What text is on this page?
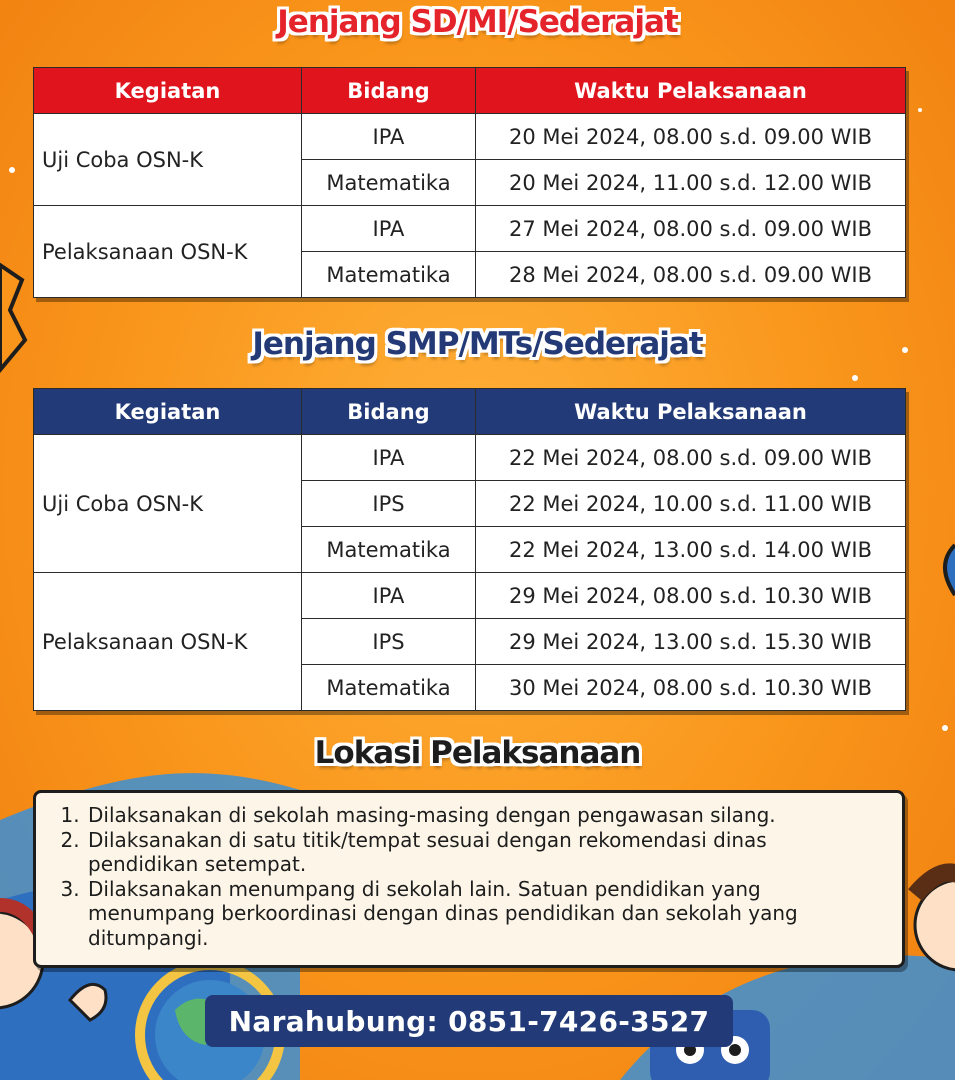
Jenjang SD/MI/Sederajat
Kegiatan	Bidang	Waktu Pelaksanaan
Uji Coba OSN-K	IPA	20 Mei 2024, 08.00 s.d. 09.00 WIB
	Matematika	20 Mei 2024, 11.00 s.d. 12.00 WIB
Pelaksanaan OSN-K	IPA	27 Mei 2024, 08.00 s.d. 09.00 WIB
	Matematika	28 Mei 2024, 08.00 s.d. 09.00 WIB
Jenjang SMP/MTs/Sederajat
Kegiatan	Bidang	Waktu Pelaksanaan
Uji Coba OSN-K	IPA	22 Mei 2024, 08.00 s.d. 09.00 WIB
	IPS	22 Mei 2024, 10.00 s.d. 11.00 WIB
	Matematika	22 Mei 2024, 13.00 s.d. 14.00 WIB
Pelaksanaan OSN-K	IPA	29 Mei 2024, 08.00 s.d. 10.30 WIB
	IPS	29 Mei 2024, 13.00 s.d. 15.30 WIB
	Matematika	30 Mei 2024, 08.00 s.d. 10.30 WIB
Lokasi Pelaksanaan
1. Dilaksanakan di sekolah masing-masing dengan pengawasan silang.
2. Dilaksanakan di satu titik/tempat sesuai dengan rekomendasi dinas pendidikan setempat.
3. Dilaksanakan menumpang di sekolah lain. Satuan pendidikan yang menumpang berkoordinasi dengan dinas pendidikan dan sekolah yang ditumpangi.
Narahubung: 0851-7426-3527
